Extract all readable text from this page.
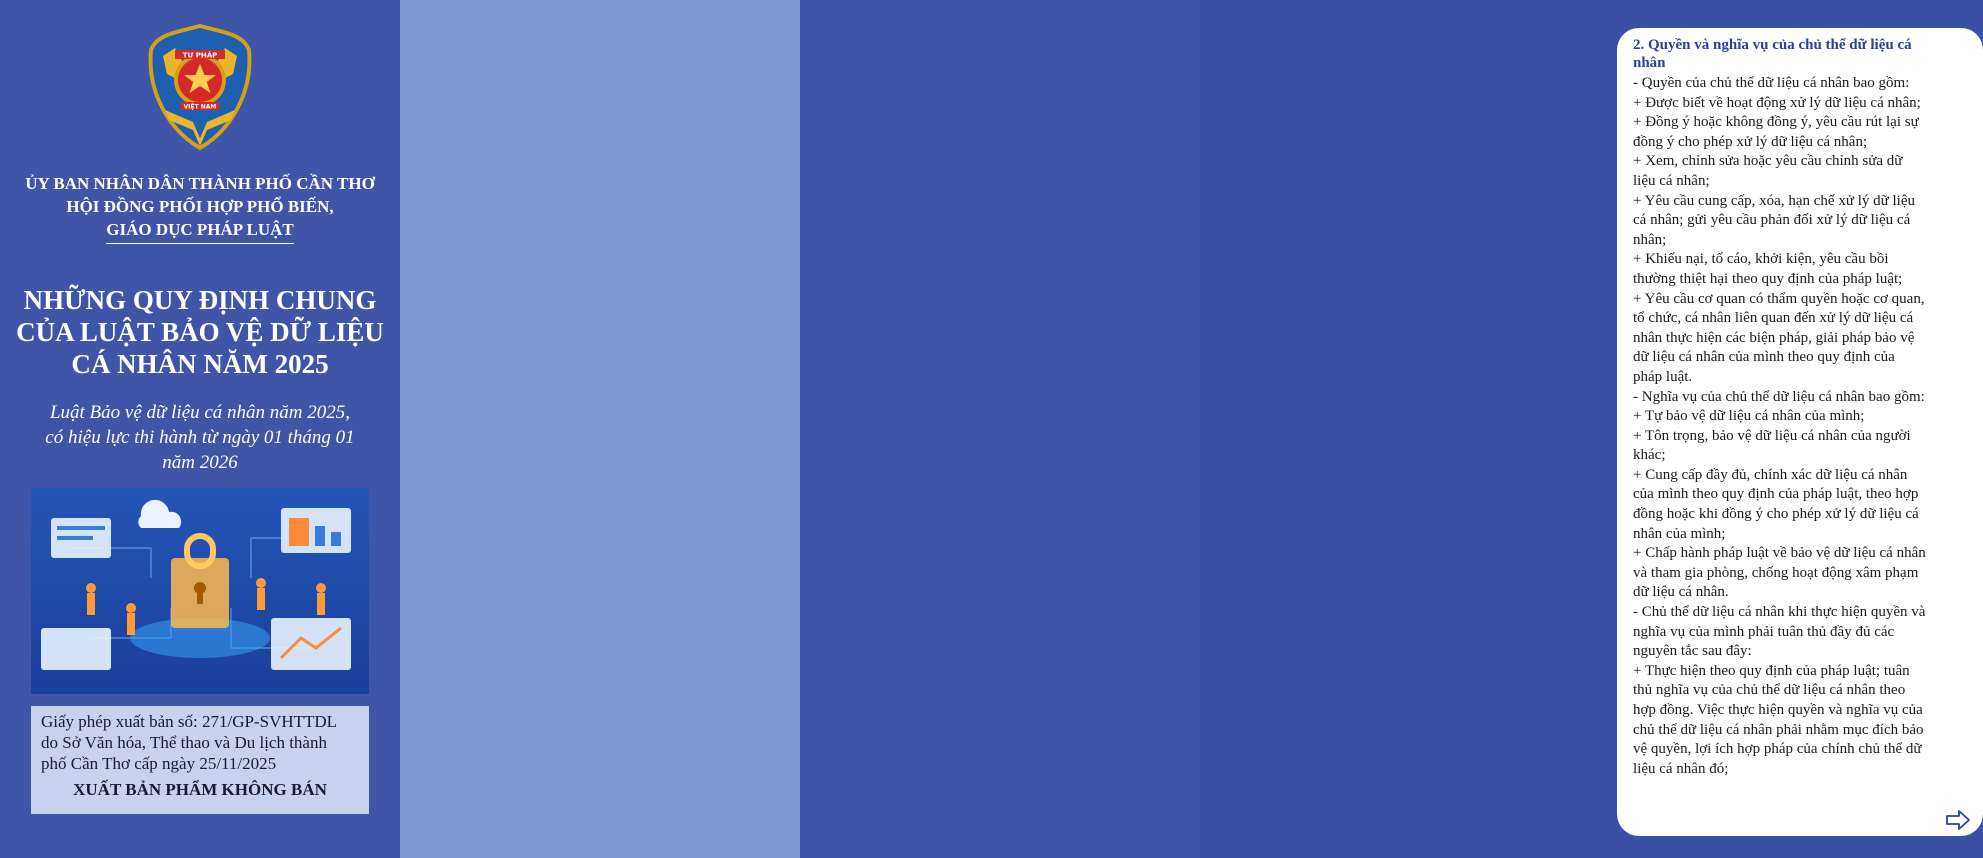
TƯ PHÁP
VIỆT NAM
ỦY BAN NHÂN DÂN THÀNH PHỐ CẦN THƠ
HỘI ĐỒNG PHỐI HỢP PHỔ BIẾN,
GIÁO DỤC PHÁP LUẬT
NHỮNG QUY ĐỊNH CHUNG
CỦA LUẬT BẢO VỆ DỮ LIỆU
CÁ NHÂN NĂM 2025
Luật Bảo vệ dữ liệu cá nhân năm 2025,
có hiệu lực thi hành từ ngày 01 tháng 01
năm 2026
Giấy phép xuất bản số: 271/GP-SVHTTDL
do Sở Văn hóa, Thể thao và Du lịch thành
phố Cần Thơ cấp ngày 25/11/2025
XUẤT BẢN PHẨM KHÔNG BÁN
2. Quyền và nghĩa vụ của chủ thể dữ liệu cá
nhân
- Quyền của chủ thể dữ liệu cá nhân bao gồm:
+ Được biết về hoạt động xử lý dữ liệu cá nhân;
+ Đồng ý hoặc không đồng ý, yêu cầu rút lại sự
đồng ý cho phép xử lý dữ liệu cá nhân;
+ Xem, chỉnh sửa hoặc yêu cầu chỉnh sửa dữ
liệu cá nhân;
+ Yêu cầu cung cấp, xóa, hạn chế xử lý dữ liệu
cá nhân; gửi yêu cầu phản đối xử lý dữ liệu cá
nhân;
+ Khiếu nại, tố cáo, khởi kiện, yêu cầu bồi
thường thiệt hại theo quy định của pháp luật;
+ Yêu cầu cơ quan có thẩm quyền hoặc cơ quan,
tổ chức, cá nhân liên quan đến xử lý dữ liệu cá
nhân thực hiện các biện pháp, giải pháp bảo vệ
dữ liệu cá nhân của mình theo quy định của
pháp luật.
- Nghĩa vụ của chủ thể dữ liệu cá nhân bao gồm:
+ Tự bảo vệ dữ liệu cá nhân của mình;
+ Tôn trọng, bảo vệ dữ liệu cá nhân của người
khác;
+ Cung cấp đầy đủ, chính xác dữ liệu cá nhân
của mình theo quy định của pháp luật, theo hợp
đồng hoặc khi đồng ý cho phép xử lý dữ liệu cá
nhân của mình;
+ Chấp hành pháp luật về bảo vệ dữ liệu cá nhân
và tham gia phòng, chống hoạt động xâm phạm
dữ liệu cá nhân.
- Chủ thể dữ liệu cá nhân khi thực hiện quyền và
nghĩa vụ của mình phải tuân thủ đầy đủ các
nguyên tắc sau đây:
+ Thực hiện theo quy định của pháp luật; tuân
thủ nghĩa vụ của chủ thể dữ liệu cá nhân theo
hợp đồng. Việc thực hiện quyền và nghĩa vụ của
chủ thể dữ liệu cá nhân phải nhằm mục đích bảo
vệ quyền, lợi ích hợp pháp của chính chủ thể dữ
liệu cá nhân đó;
